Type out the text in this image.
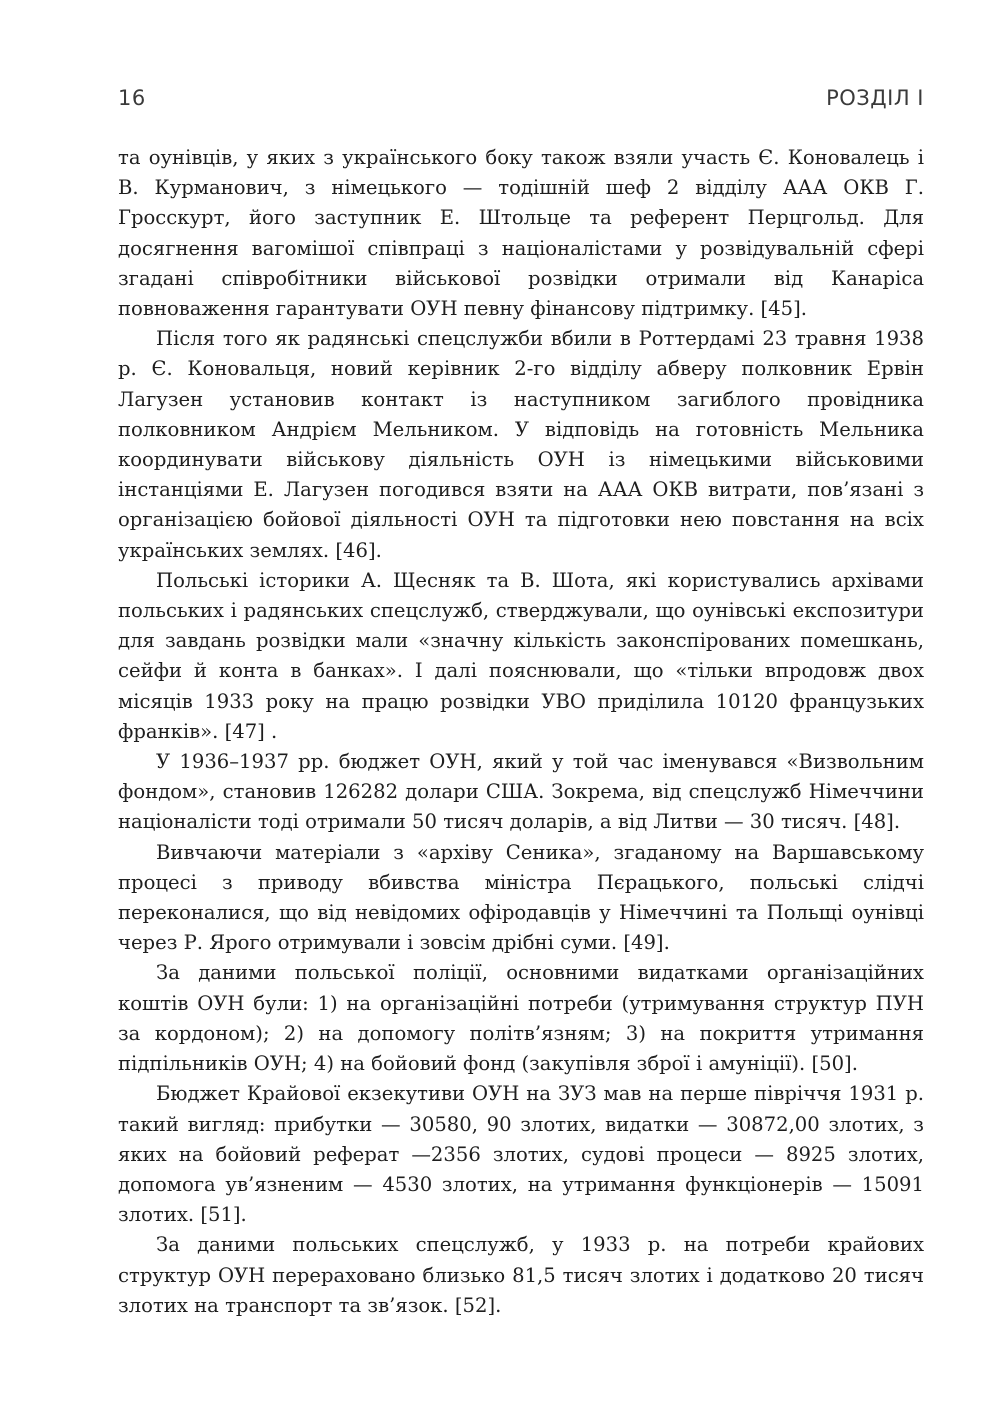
16	РОЗДІЛ І

та оунівців, у яких з українського боку також взяли участь Є. Коновалець і В. Курманович, з німецького — тодішній шеф 2 відділу ААА ОКВ Г. Гросскурт, його заступник Е. Штольце та референт Перцгольд. Для досягнення вагомішої співпраці з націоналістами у розвідувальній сфері згадані співробітники військової розвідки отримали від Канаріса повноваження гарантувати ОУН певну фінансову підтримку. [45].

Після того як радянські спецслужби вбили в Роттердамі 23 травня 1938 р. Є. Коновальця, новий керівник 2-го відділу абверу полковник Ервін Лагузен установив контакт із наступником загиблого провідника полковником Андрієм Мельником. У відповідь на готовність Мельника координувати військову діяльність ОУН із німецькими військовими інстанціями Е. Лагузен погодився взяти на ААА ОКВ витрати, пов’язані з організацією бойової діяльності ОУН та підготовки нею повстання на всіх українських землях. [46].

Польські історики А. Щесняк та В. Шота, які користувались архівами польських і радянських спецслужб, стверджували, що оунівські експозитури для завдань розвідки мали «значну кількість законспірованих помешкань, сейфи й конта в банках». І далі пояснювали, що «тільки впродовж двох місяців 1933 року на працю розвідки УВО приділила 10120 французьких франків». [47] .

У 1936–1937 рр. бюджет ОУН, який у той час іменувався «Визвольним фондом», становив 126282 долари США. Зокрема, від спецслужб Німеччини націоналісти тоді отримали 50 тисяч доларів, а від Литви — 30 тисяч. [48].

Вивчаючи матеріали з «архіву Сеника», згаданому на Варшавському процесі з приводу вбивства міністра Пєрацького, польські слідчі переконалися, що від невідомих офіродавців у Німеччині та Польщі оунівці через Р. Ярого отримували і зовсім дрібні суми. [49].

За даними польської поліції, основними видатками організаційних коштів ОУН були: 1) на організаційні потреби (утримування структур ПУН за кордоном); 2) на допомогу політв’язням; 3) на покриття утримання підпільників ОУН; 4) на бойовий фонд (закупівля зброї і амуніції). [50].

Бюджет Крайової екзекутиви ОУН на ЗУЗ мав на перше півріччя 1931 р. такий вигляд: прибутки — 30580, 90 злотих, видатки — 30872,00 злотих, з яких на бойовий реферат —2356 злотих, судові процеси — 8925 злотих, допомога ув’язненим — 4530 злотих, на утримання функціонерів — 15091 злотих. [51].

За даними польських спецслужб, у 1933 р. на потреби крайових структур ОУН перераховано близько 81,5 тисяч злотих і додатково 20 тисяч злотих на транспорт та зв’язок. [52].
